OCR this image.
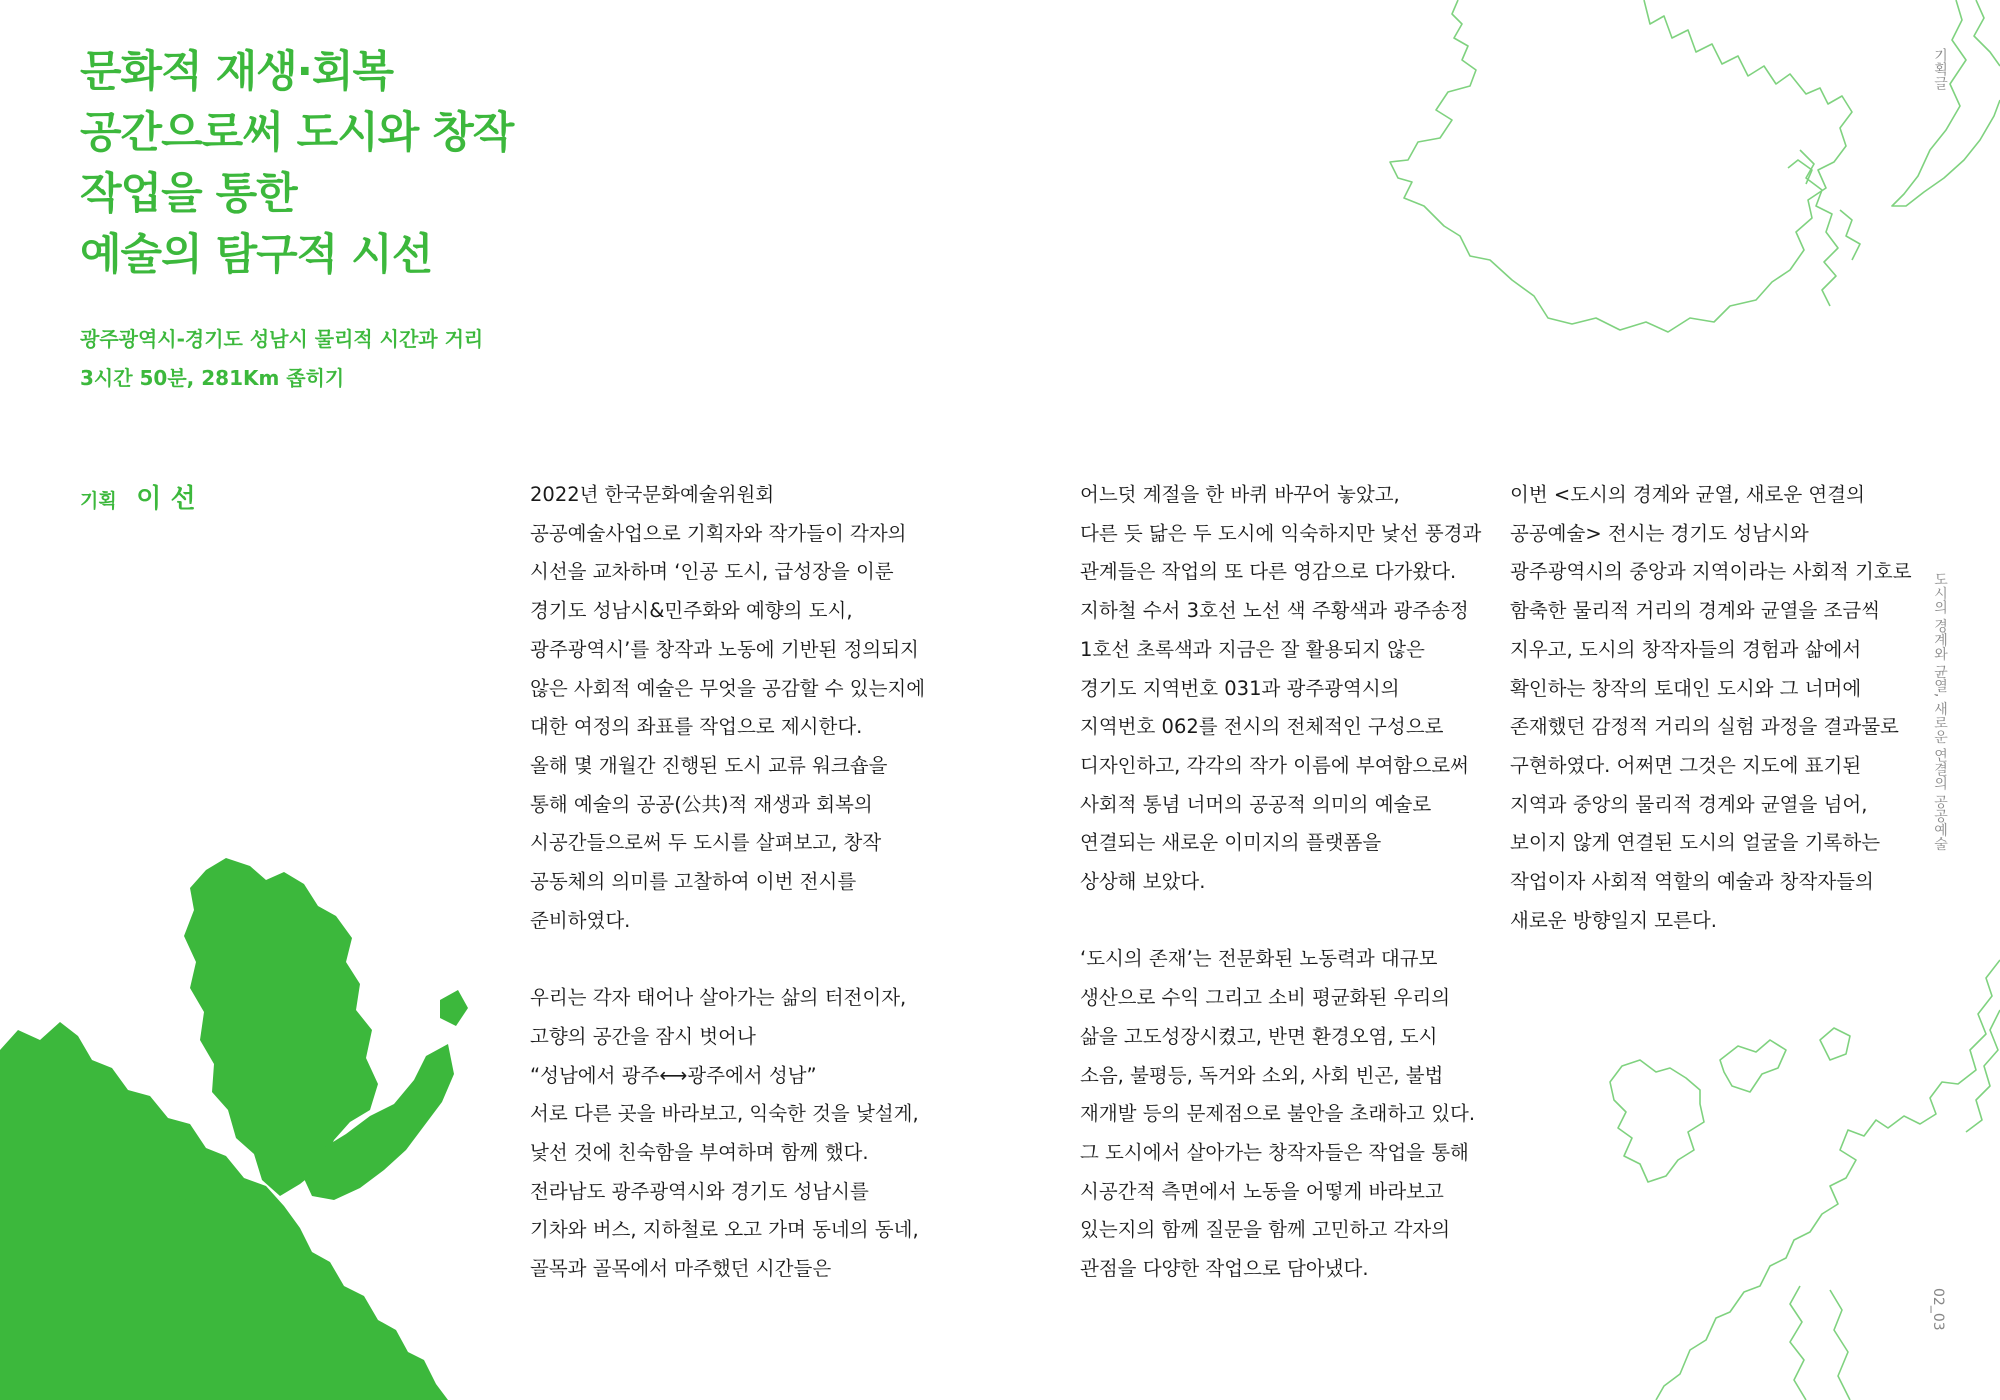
문화적 재생·회복
공간으로써 도시와 창작
작업을 통한
예술의 탐구적 시선
광주광역시-경기도 성남시 물리적 시간과 거리
3시간 50분, 281Km 좁히기
기획 이 선	2022년 한국문화예술위원회
공공예술사업으로 기획자와 작가들이 각자의
시선을 교차하며 ‘인공 도시, 급성장을 이룬
경기도 성남시&민주화와 예향의 도시,
광주광역시’를 창작과 노동에 기반된 정의되지
않은 사회적 예술은 무엇을 공감할 수 있는지에
대한 여정의 좌표를 작업으로 제시한다.
올해 몇 개월간 진행된 도시 교류 워크숍을
통해 예술의 공공(公共)적 재생과 회복의
시공간들으로써 두 도시를 살펴보고, 창작
공동체의 의미를 고찰하여 이번 전시를
준비하였다.
우리는 각자 태어나 살아가는 삶의 터전이자,
고향의 공간을 잠시 벗어나
“성남에서 광주⟷광주에서 성남”
서로 다른 곳을 바라보고, 익숙한 것을 낯설게,
낯선 것에 친숙함을 부여하며 함께 했다.
전라남도 광주광역시와 경기도 성남시를
기차와 버스, 지하철로 오고 가며 동네의 동네,
골목과 골목에서 마주했던 시간들은
어느덧 계절을 한 바퀴 바꾸어 놓았고,
다른 듯 닮은 두 도시에 익숙하지만 낯선 풍경과
관계들은 작업의 또 다른 영감으로 다가왔다.
지하철 수서 3호선 노선 색 주황색과 광주송정
1호선 초록색과 지금은 잘 활용되지 않은
경기도 지역번호 031과 광주광역시의
지역번호 062를 전시의 전체적인 구성으로
디자인하고, 각각의 작가 이름에 부여함으로써
사회적 통념 너머의 공공적 의미의 예술로
연결되는 새로운 이미지의 플랫폼을
상상해 보았다.
‘도시의 존재’는 전문화된 노동력과 대규모
생산으로 수익 그리고 소비 평균화된 우리의
삶을 고도성장시켰고, 반면 환경오염, 도시
소음, 불평등, 독거와 소외, 사회 빈곤, 불법
재개발 등의 문제점으로 불안을 초래하고 있다.
그 도시에서 살아가는 창작자들은 작업을 통해
시공간적 측면에서 노동을 어떻게 바라보고
있는지의 함께 질문을 함께 고민하고 각자의
관점을 다양한 작업으로 담아냈다.
이번 <도시의 경계와 균열, 새로운 연결의
공공예술> 전시는 경기도 성남시와
광주광역시의 중앙과 지역이라는 사회적 기호로
함축한 물리적 거리의 경계와 균열을 조금씩
지우고, 도시의 창작자들의 경험과 삶에서
확인하는 창작의 토대인 도시와 그 너머에
존재했던 감정적 거리의 실험 과정을 결과물로
구현하였다. 어쩌면 그것은 지도에 표기된
지역과 중앙의 물리적 경계와 균열을 넘어,
보이지 않게 연결된 도시의 얼굴을 기록하는
작업이자 사회적 역할의 예술과 창작자들의
새로운 방향일지 모른다.
기획글
도시의 경계와 균열, 새로운 연결의 공공예술
02_03
